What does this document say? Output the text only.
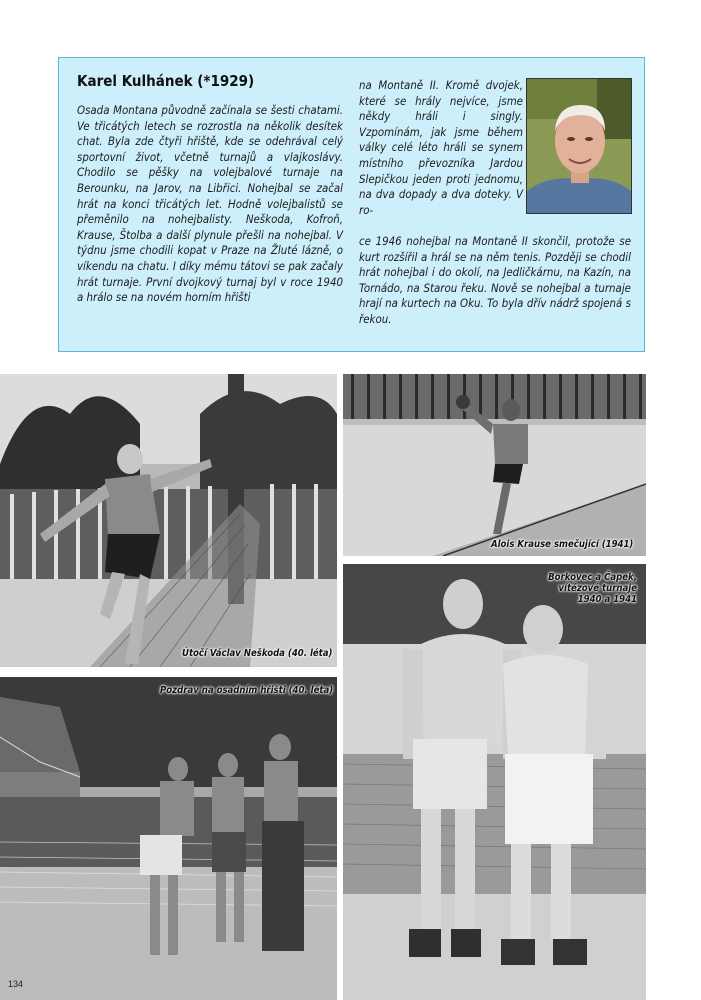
Karel Kulhánek (*1929)
Osada Montana původně začínala se šesti chatami. Ve třicátých letech se rozrostla na několik desítek chat. Byla zde čtyři hřiště, kde se odehrával celý sportovní život, včetně turnajů a vlajkoslávy. Chodilo se pěšky na volejbalové turnaje na Berounku, na Jarov, na Libřici. Nohejbal se začal hrát na konci třicátých let. Hodně volejbalistů se přeměnilo na nohejbalisty. Neškoda, Kofroň, Krause, Štolba a další plynule přešli na nohejbal. V týdnu jsme chodili kopat v Praze na Žluté lázně, o víkendu na chatu. I díky mému tátovi se pak začaly hrát turnaje. První dvojkový turnaj byl v roce 1940 a hrálo se na novém horním hřišti
na Montaně II. Kromě dvojek, které se hrály nejvíce, jsme někdy hráli i singly. Vzpomínám, jak jsme během války celé léto hráli se synem místního převozníka Jardou Slepičkou jeden proti jednomu, na dva dopady a dva doteky. V ro-
ce 1946 nohejbal na Montaně II skončil, protože se kurt rozšířil a hrál se na něm tenis. Později se chodil hrát nohejbal i do okolí, na Jedličkárnu, na Kazín, na Tornádo, na Starou řeku. Nově se nohejbal a turnaje hrají na kurtech na Oku. To byla dřív nádrž spojená s řekou.
Útočí Václav Neškoda (40. léta)
Alois Krause smečující (1941)
Pozdrav na osadním hřišti (40. léta)
Borkovec a Čapek,
vítězové turnaje
1940 a 1941
134
